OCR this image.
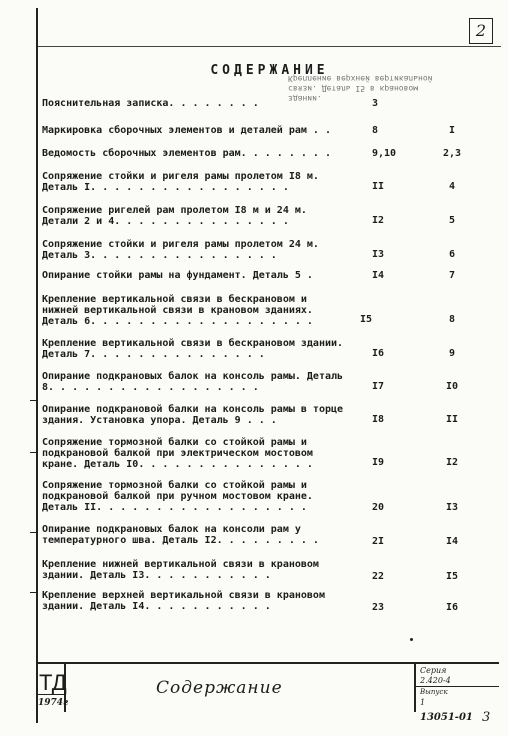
2
СОДЕРЖАНИЕ
Крепление верхней вертикальной
связи. Деталь I5 в крановом
здании.
Пояснительная записка. . . . . . . .	3
Маркировка сборочных элементов и деталей рам . .	8	I
Ведомость сборочных элементов рам. . . . . . . .	9,10	2,3
Сопряжение стойки и ригеля рамы пролетом I8 м. Деталь I. . . . . . . . . . . . . . . . .	II	4
Сопряжение ригелей рам пролетом I8 м и 24 м. Детали 2 и 4. . . . . . . . . . . . . . .	I2	5
Сопряжение стойки и ригеля рамы пролетом 24 м. Деталь 3. . . . . . . . . . . . . . . .	I3	6
Опирание стойки рамы на фундамент. Деталь 5 .	I4	7
Крепление вертикальной связи в бескрановом и нижней вертикальной связи в крановом зданиях. Деталь 6. . . . . . . . . . . . . . . . . . .	I5	8
Крепление вертикальной связи в бескрановом здании. Деталь 7. . . . . . . . . . . . . . .	I6	9
Опирание подкрановых балок на консоль рамы. Деталь 8. . . . . . . . . . . . . . . . . .	I7	I0
Опирание подкрановой балки на консоль рамы в торце здания. Установка упора. Деталь 9 . . .	I8	II
Сопряжение тормозной балки со стойкой рамы и подкрановой балкой при электрическом мостовом кране. Деталь I0. . . . . . . . . . . . . . .	I9	I2
Сопряжение тормозной балки со стойкой рамы и подкрановой балкой при ручном мостовом кране. Деталь II. . . . . . . . . . . . . . . . . .	20	I3
Опирание подкрановых балок на консоли рам у температурного шва. Деталь I2. . . . . . . . .	2I	I4
Крепление нижней вертикальной связи в крановом здании. Деталь I3. . . . . . . . . . .	22	I5
Крепление верхней вертикальной связи в крановом здании. Деталь I4. . . . . . . . . . .	23	I6
ТД
1974г
Содержание
Серия
2.420-4
Выпуск
1
13051-01 3
